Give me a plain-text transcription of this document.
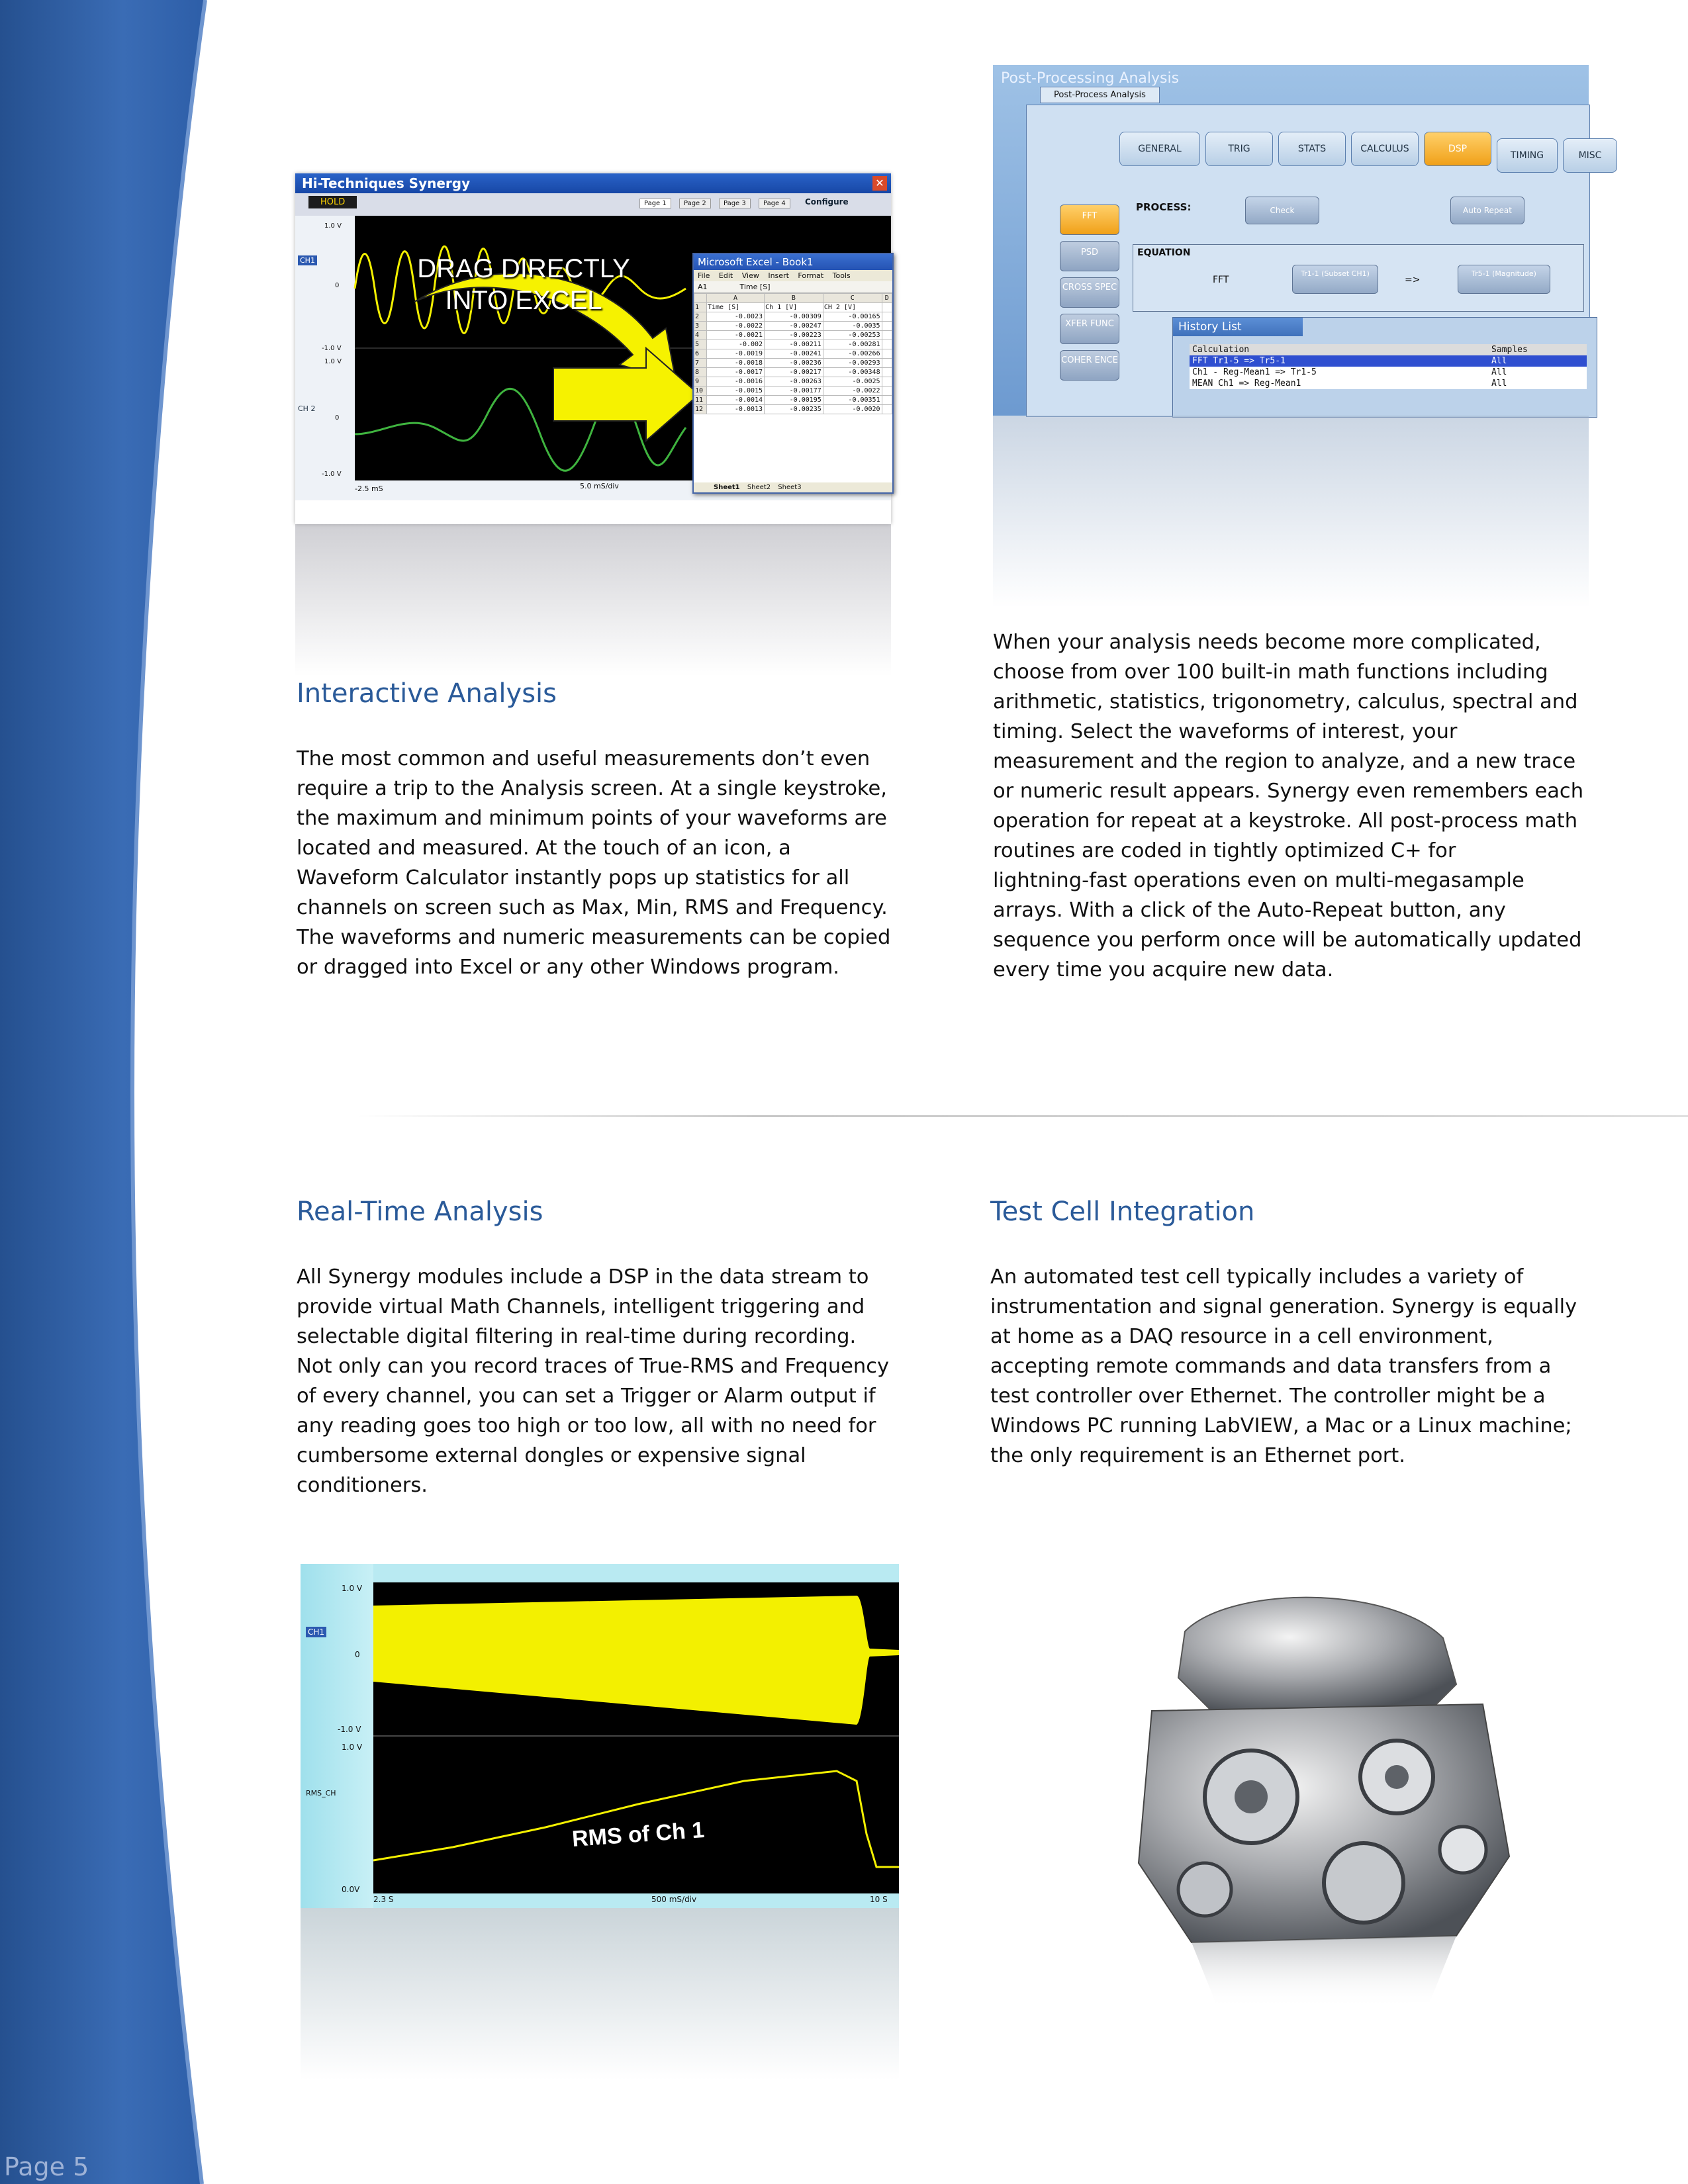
Page 5
Hi-Techniques Synergy	✕
HOLD	Page 1	Page 2	Page 3	Page 4	Configure
CH1
CH 2
1.0 V
0
-1.0 V
1.0 V
0
-1.0 V
DRAG DIRECTLY
INTO EXCEL
-2.5 mS	5.0 mS/div
Microsoft Excel - Book1
File Edit View Insert Format Tools
A1	Time [S]
	A	B	C	D
1	Time [S]	Ch 1 [V]	CH 2 [V]	
2	-0.0023	-0.00309	-0.00165	
3	-0.0022	-0.00247	-0.0035	
4	-0.0021	-0.00223	-0.00253	
5	-0.002	-0.00211	-0.00281	
6	-0.0019	-0.00241	-0.00266	
7	-0.0018	-0.00236	-0.00293	
8	-0.0017	-0.00217	-0.00348	
9	-0.0016	-0.00263	-0.0025	
10	-0.0015	-0.00177	-0.0022	
11	-0.0014	-0.00195	-0.00351	
12	-0.0013	-0.00235	-0.0020	
Sheet1 Sheet2 Sheet3
Post-Processing Analysis
Post-Process Analysis
GENERAL	TRIG	STATS	CALCULUS	DSP
TIMING	MISC
FFT
PSD
CROSS SPEC
XFER FUNC
COHER ENCE
PROCESS:	Check	Auto Repeat
EQUATION
FFT
Tr1-1 (Subset CH1)
=>
Tr5-1 (Magnitude)
History List
Calculation	Samples
FFT Tr1-5 => Tr5-1	All
Ch1 - Reg-Mean1 => Tr1-5	All
MEAN Ch1 => Reg-Mean1	All
Interactive Analysis
The most common and useful measurements don’t even
require a trip to the Analysis screen. At a single keystroke,
the maximum and minimum points of your waveforms are
located and measured. At the touch of an icon, a
Waveform Calculator instantly pops up statistics for all
channels on screen such as Max, Min, RMS and Frequency.
The waveforms and numeric measurements can be copied
or dragged into Excel or any other Windows program.
When your analysis needs become more complicated,
choose from over 100 built-in math functions including
arithmetic, statistics, trigonometry, calculus, spectral and
timing. Select the waveforms of interest, your
measurement and the region to analyze, and a new trace
or numeric result appears. Synergy even remembers each
operation for repeat at a keystroke. All post-process math
routines are coded in tightly optimized C+ for
lightning-fast operations even on multi-megasample
arrays. With a click of the Auto-Repeat button, any
sequence you perform once will be automatically updated
every time you acquire new data.
Real-Time Analysis
All Synergy modules include a DSP in the data stream to
provide virtual Math Channels, intelligent triggering and
selectable digital filtering in real-time during recording.
Not only can you record traces of True-RMS and Frequency
of every channel, you can set a Trigger or Alarm output if
any reading goes too high or too low, all with no need for
cumbersome external dongles or expensive signal
conditioners.
Test Cell Integration
An automated test cell typically includes a variety of
instrumentation and signal generation. Synergy is equally
at home as a DAQ resource in a cell environment,
accepting remote commands and data transfers from a
test controller over Ethernet. The controller might be a
Windows PC running LabVIEW, a Mac or a Linux machine;
the only requirement is an Ethernet port.
CH1
RMS_CH
1.0 V
0
-1.0 V
1.0 V
0.0V
RMS of Ch 1
2.3 S	500 mS/div	10 S
